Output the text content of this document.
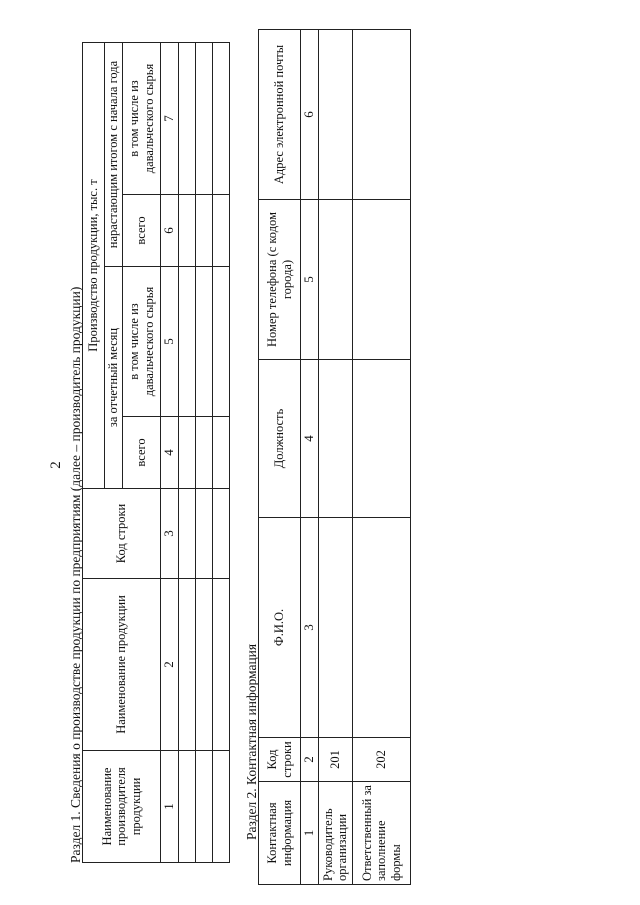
2 Раздел 1. Сведения о производстве продукции по предприятиям (далее – производитель продукции) Наименование производителя продукции	Наименование продукции	Код строки	Производство продукции, тыс. т			
			за отчетный месяц		нарастающим итогом с начала года	
			всего	в том числе из давальческого сырья	всего	в том числе из давальческого сырья
1	2	3	4	5	6	7

Раздел 2. Контактная информация Контактная информация	Код строки	Ф.И.О.	Должность	Номер телефона (с кодом города)	Адрес электронной почты
1	2	3	4	5	6
Руководитель организации	201				
Ответственный за заполнение формы	202				
